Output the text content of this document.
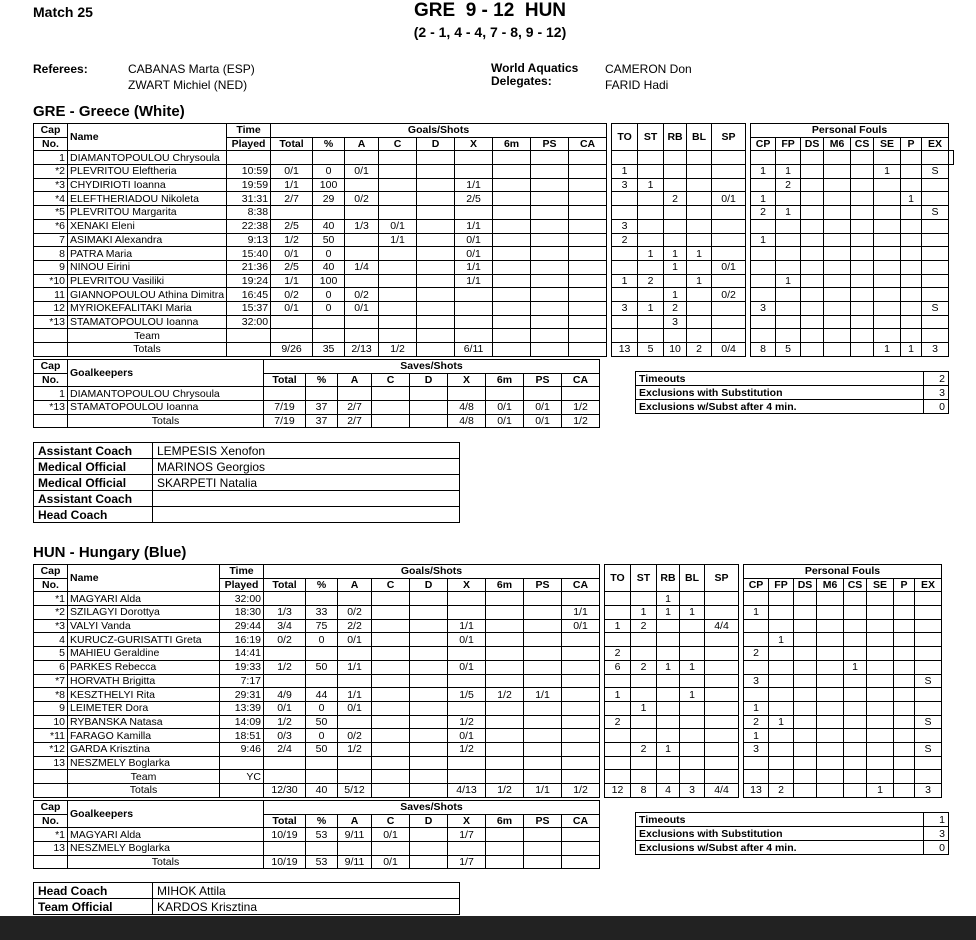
Match 25	GRE  9 - 12  HUN
(2 - 1, 4 - 4, 7 - 8, 9 - 12)
Referees:	CABANAS Marta (ESP)
ZWART Michiel (NED)
World Aquatics
Delegates:
CAMERON Don
FARID Hadi
GRE - Greece (White)
Cap	Name	Time	Goals/Shots										TO	ST	RB	BL	SP		Personal Fouls								
No.		Played	Total	%	A	C	D	X	6m	PS	CA								CP	FP	DS	M6	CS	SE	P	EX	
1	DIAMANTOPOULOU Chrysoula																										
*2	PLEVRITOU Eleftheria	10:59	0/1	0	0/1								1						1	1				1		S	
*3	CHYDIRIOTI Ioanna	19:59	1/1	100				1/1					3	1						2							
*4	ELEFTHERIADOU Nikoleta	31:31	2/7	29	0/2			2/5							2		0/1		1						1		
*5	PLEVRITOU Margarita	8:38																	2	1						S	
*6	XENAKI Eleni	22:38	2/5	40	1/3	0/1		1/1					3														
7	ASIMAKI Alexandra	9:13	1/2	50		1/1		0/1					2						1								
8	PATRA Maria	15:40	0/1	0				0/1						1	1	1											
9	NINOU Eirini	21:36	2/5	40	1/4			1/1							1		0/1										
*10	PLEVRITOU Vasiliki	19:24	1/1	100				1/1					1	2		1				1							
11	GIANNOPOULOU Athina Dimitra	16:45	0/2	0	0/2										1		0/2										
12	MYRIOKEFALITAKI Maria	15:37	0/1	0	0/1								3	1	2				3							S	
*13	STAMATOPOULOU Ioanna	32:00													3												
	Team																										
	Totals		9/26	35	2/13	1/2		6/11					13	5	10	2	0/4		8	5				1	1	3	
Cap	Goalkeepers	Saves/Shots								
No.		Total	%	A	C	D	X	6m	PS	CA
1	DIAMANTOPOULOU Chrysoula									
*13	STAMATOPOULOU Ioanna	7/19	37	2/7			4/8	0/1	0/1	1/2
	Totals	7/19	37	2/7			4/8	0/1	0/1	1/2
Timeouts	2
Exclusions with Substitution	3
Exclusions w/Subst after 4 min.	0
Assistant Coach	LEMPESIS Xenofon
Medical Official	MARINOS Georgios
Medical Official	SKARPETI Natalia
Assistant Coach	
Head Coach	
HUN - Hungary (Blue)
Cap	Name	Time	Goals/Shots										TO	ST	RB	BL	SP		Personal Fouls							
No.		Played	Total	%	A	C	D	X	6m	PS	CA								CP	FP	DS	M6	CS	SE	P	EX
*1	MAGYARI Alda	32:00													1											
*2	SZILAGYI Dorottya	18:30	1/3	33	0/2						1/1			1	1	1			1							
*3	VALYI Vanda	29:44	3/4	75	2/2			1/1			0/1		1	2			4/4									
4	KURUCZ-GURISATTI Greta	16:19	0/2	0	0/1			0/1												1						
5	MAHIEU Geraldine	14:41											2						2							
6	PARKES Rebecca	19:33	1/2	50	1/1			0/1					6	2	1	1							1			
*7	HORVATH Brigitta	7:17																	3							S
*8	KESZTHELYI Rita	29:31	4/9	44	1/1			1/5	1/2	1/1			1			1										
9	LEIMETER Dora	13:39	0/1	0	0/1									1					1							
10	RYBANSKA Natasa	14:09	1/2	50				1/2					2						2	1						S
*11	FARAGO Kamilla	18:51	0/3	0	0/2			0/1											1							
*12	GARDA Krisztina	9:46	2/4	50	1/2			1/2						2	1				3							S
13	NESZMELY Boglarka																									
	Team	YC																								
	Totals		12/30	40	5/12			4/13	1/2	1/1	1/2		12	8	4	3	4/4		13	2				1		3
Cap	Goalkeepers	Saves/Shots								
No.		Total	%	A	C	D	X	6m	PS	CA
*1	MAGYARI Alda	10/19	53	9/11	0/1		1/7			
13	NESZMELY Boglarka									
	Totals	10/19	53	9/11	0/1		1/7			
Timeouts	1
Exclusions with Substitution	3
Exclusions w/Subst after 4 min.	0
Head Coach	MIHOK Attila
Team Official	KARDOS Krisztina
